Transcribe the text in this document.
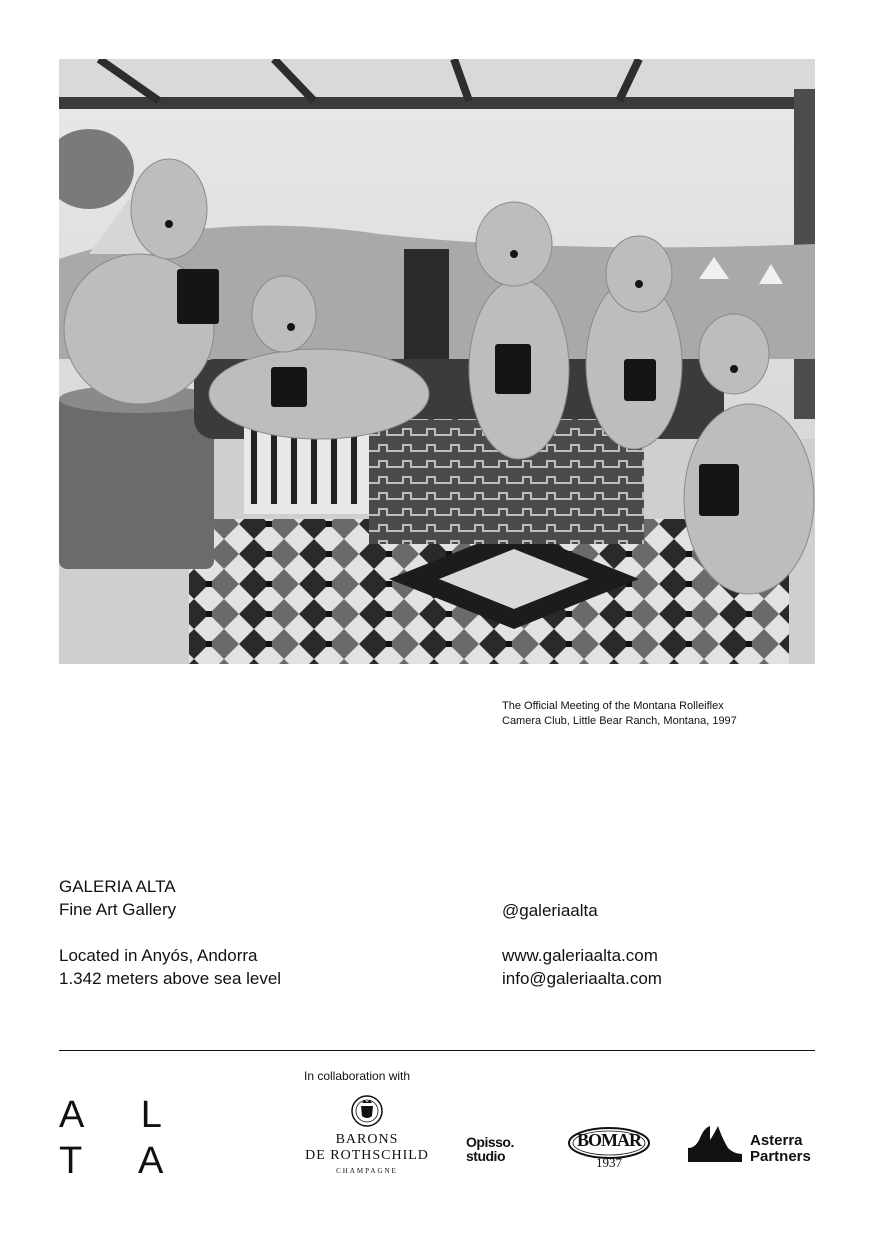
The Official Meeting of the Montana Rolleiflex
Camera Club, Little Bear Ranch, Montana, 1997
GALERIA ALTA
Fine Art Gallery
Located in Anyós, Andorra
1.342 meters above sea level
@galeriaalta
www.galeriaalta.com
info@galeriaalta.com
In collaboration with
A L
T A
BARONS
DE ROTHSCHILD
CHAMPAGNE
Opisso.
studio
BOMAR
1937
Asterra
Partners
